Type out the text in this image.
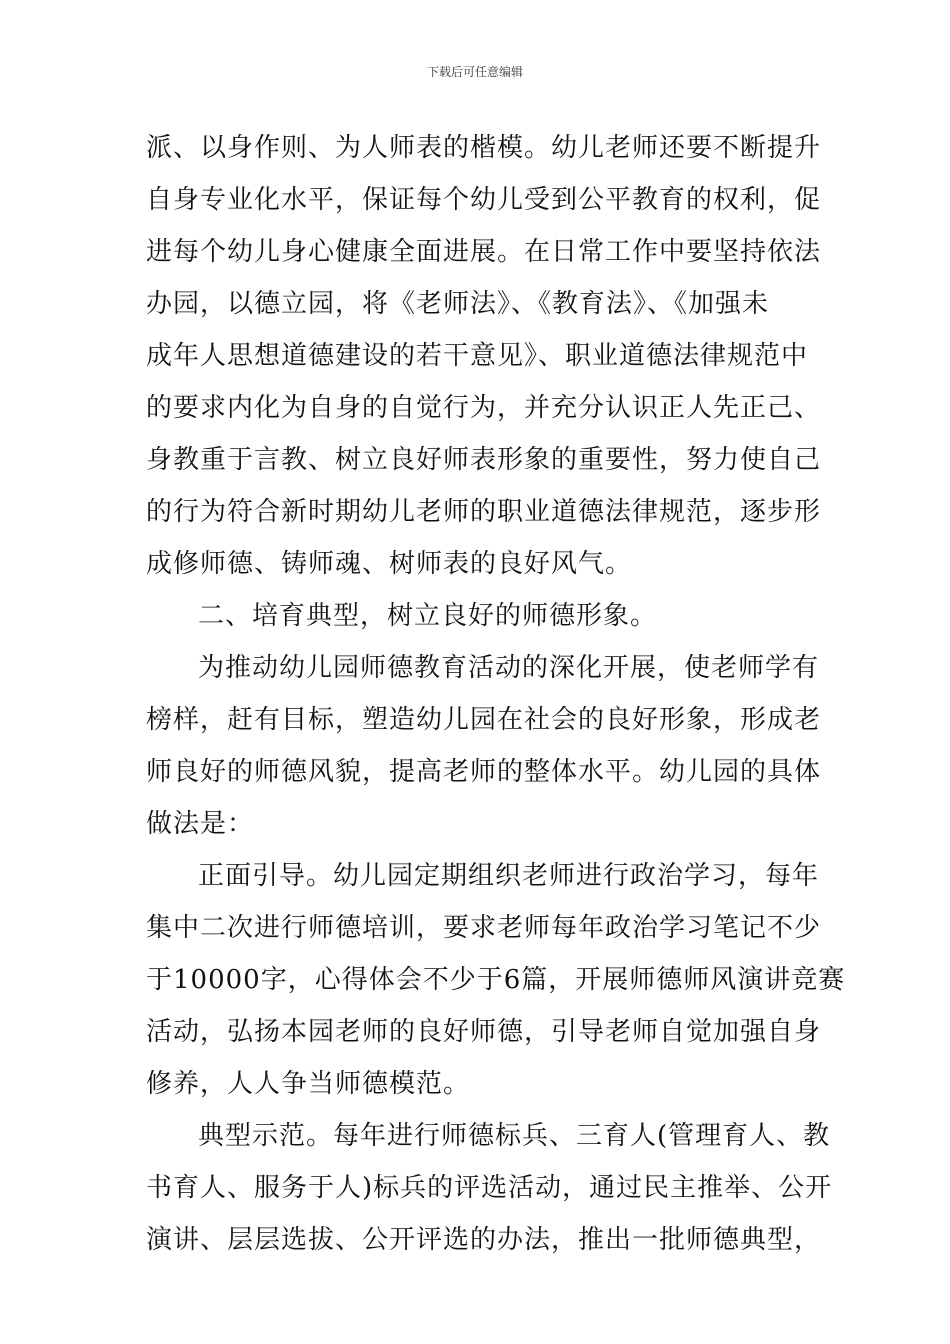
下载后可任意编辑
派、以身作则、为人师表的楷模。幼儿老师还要不断提升
自身专业化水平，保证每个幼儿受到公平教育的权利，促
进每个幼儿身心健康全面进展。在日常工作中要坚持依法
办园，以德立园，将《老师法》、《教育法》、《加强未
成年人思想道德建设的若干意见》、职业道德法律规范中
的要求内化为自身的自觉行为，并充分认识正人先正己、
身教重于言教、树立良好师表形象的重要性，努力使自己
的行为符合新时期幼儿老师的职业道德法律规范，逐步形
成修师德、铸师魂、树师表的良好风气。
二、培育典型，树立良好的师德形象。
为推动幼儿园师德教育活动的深化开展，使老师学有
榜样，赶有目标，塑造幼儿园在社会的良好形象，形成老
师良好的师德风貌，提高老师的整体水平。幼儿园的具体
做法是：
正面引导。幼儿园定期组织老师进行政治学习，每年
集中二次进行师德培训，要求老师每年政治学习笔记不少
于10000字，心得体会不少于6篇，开展师德师风演讲竞赛
活动，弘扬本园老师的良好师德，引导老师自觉加强自身
修养，人人争当师德模范。
典型示范。每年进行师德标兵、三育人(管理育人、教
书育人、服务于人)标兵的评选活动，通过民主推举、公开
演讲、层层选拔、公开评选的办法，推出一批师德典型，
